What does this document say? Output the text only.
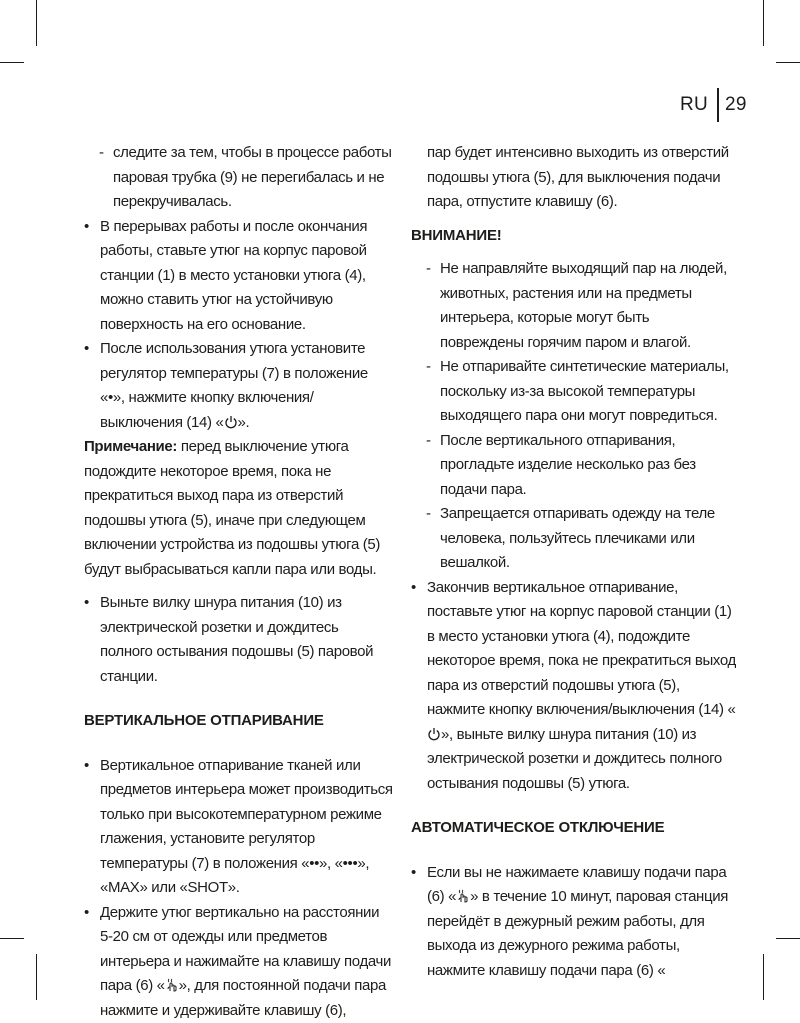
RU 29
- следите за тем, чтобы в процессе работы паровая трубка (9) не перегибалась и не перекручивалась.
• В перерывах работы и после окончания работы, ставьте утюг на корпус паровой станции (1) в место установки утюга (4), можно ставить утюг на устойчивую поверхность на его основание.
• После использования утюга установите регулятор температуры (7) в положение «•», нажмите кнопку включения/выключения (14) « ».
Примечание: перед выключение утюга подождите некоторое время, пока не прекратиться выход пара из отверстий подошвы утюга (5), иначе при следующем включении устройства из подошвы утюга (5) будут выбрасываться капли пара или воды.
• Выньте вилку шнура питания (10) из электрической розетки и дождитесь полного остывания подошвы (5) паровой станции.
ВЕРТИКАЛЬНОЕ ОТПАРИВАНИЕ
• Вертикальное отпаривание тканей или предметов интерьера может производиться только при высокотемпературном режиме глажения, установите регулятор температуры (7) в положения «••», «•••», «MAX» или «SHOT».
• Держите утюг вертикально на расстоянии 5-20 см от одежды или предметов интерьера и нажимайте на клавишу подачи пара (6) « », для постоянной подачи пара нажмите и удерживайте клавишу (6),
пар будет интенсивно выходить из отверстий подошвы утюга (5), для выключения подачи пара, отпустите клавишу (6).
ВНИМАНИЕ!
- Не направляйте выходящий пар на людей, животных, растения или на предметы интерьера, которые могут быть повреждены горячим паром и влагой.
- Не отпаривайте синтетические материалы, поскольку из-за высокой температуры выходящего пара они могут повредиться.
- После вертикального отпаривания, прогладьте изделие несколько раз без подачи пара.
- Запрещается отпаривать одежду на теле человека, пользуйтесь плечиками или вешалкой.
• Закончив вертикальное отпаривание, поставьте утюг на корпус паровой станции (1) в место установки утюга (4), подождите некоторое время, пока не прекратиться выход пара из отверстий подошвы утюга (5), нажмите кнопку включения/выключения (14) «
», выньте вилку шнура питания (10) из электрической розетки и дождитесь полного остывания подошвы (5) утюга.
АВТОМАТИЧЕСКОЕ ОТКЛЮЧЕНИЕ
• Если вы не нажимаете клавишу подачи пара (6) « » в течение 10 минут, паровая станция перейдёт в дежурный режим работы, для выхода из дежурного режима работы, нажмите клавишу подачи пара (6) «
